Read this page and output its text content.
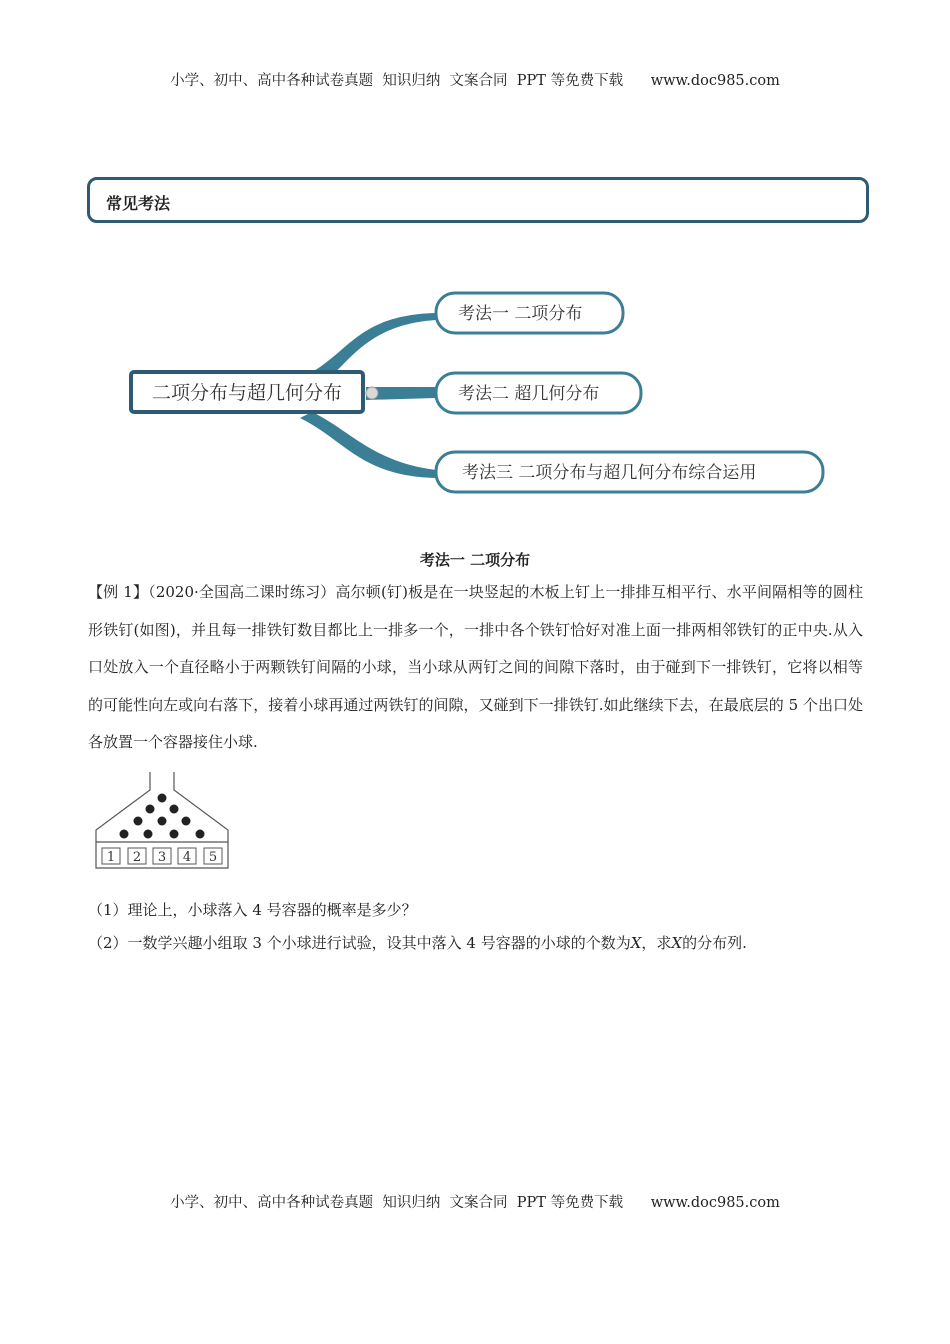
小学、初中、高中各种试卷真题  知识归纳  文案合同  PPT 等免费下载      www.doc985.com
常见考法
二项分布与超几何分布
考法一 二项分布
考法二 超几何分布
考法三 二项分布与超几何分布综合运用
考法一 二项分布
【例 1】（2020·全国高二课时练习）高尔顿(钉)板是在一块竖起的木板上钉上一排排互相平行、水平间隔相等的圆柱形铁钉(如图)，并且每一排铁钉数目都比上一排多一个，一排中各个铁钉恰好对准上面一排两相邻铁钉的正中央.从入口处放入一个直径略小于两颗铁钉间隔的小球，当小球从两钉之间的间隙下落时，由于碰到下一排铁钉，它将以相等的可能性向左或向右落下，接着小球再通过两铁钉的间隙，又碰到下一排铁钉.如此继续下去，在最底层的 5 个出口处各放置一个容器接住小球.
1 2 3 4 5
（1）理论上，小球落入 4 号容器的概率是多少？
（2）一数学兴趣小组取 3 个小球进行试验，设其中落入 4 号容器的小球的个数为X，求X的分布列.
小学、初中、高中各种试卷真题  知识归纳  文案合同  PPT 等免费下载      www.doc985.com
